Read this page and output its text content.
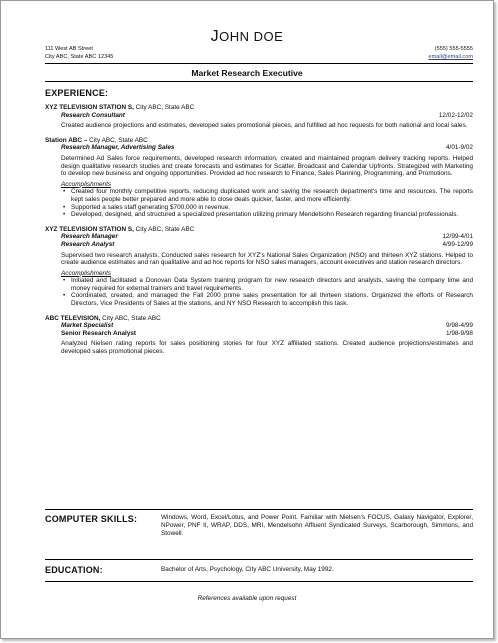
JOHN DOE
111 West AB Street
City ABC, State ABC 12345
(555) 555-5555
email@email.com
Market Research Executive
EXPERIENCE:
XYZ TELEVISION STATION S, City ABC, State ABC
Research Consultant	12/02-12/02
Created audience projections and estimates, developed sales promotional pieces, and fulfilled ad hoc requests for both national and local sales.
Station ABC – City ABC, State ABC
Research Manager, Advertising Sales	4/01-9/02
Determined Ad Sales force requirements, developed research information, created and maintained program delivery tracking reports. Helped design qualitative research studies and create forecasts and estimates for Scatter, Broadcast and Calendar Upfronts. Strategized with Marketing to develop new business and ongoing opportunities. Provided ad hoc research to Finance, Sales Planning, Programming, and Promotions.
Accomplishments
• Created four monthly competitive reports, reducing duplicated work and saving the research department's time and resources. The reports kept sales people better prepared and more able to close deals quicker, faster, and more efficiently.
• Supported a sales staff generating $700,000 in revenue.
• Developed, designed, and structured a specialized presentation utilizing primary Mendelsohn Research regarding financial professionals.
XYZ TELEVISION STATION S, City ABC, State ABC
Research Manager	12/99-4/01
Research Analyst	4/99-12/99
Supervised two research analysts. Conducted sales research for XYZ's National Sales Organization (NSO) and thirteen XYZ stations. Helped to create audience estimates and ran qualitative and ad hoc reports for NSO sales managers, account executives and station research directors.
Accomplishments
• Initiated and facilitated a Donovan Data System training program for new research directors and analysts, saving the company time and money required for external trainers and travel requirements.
• Coordinated, created, and managed the Fall 2000 prime sales presentation for all thirteen stations. Organized the efforts of Research Directors, Vice Presidents of Sales at the stations, and NY NSO Research to accomplish this task.
ABC TELEVISION, City ABC, State ABC
Market Specialist	9/98-4/99
Senior Research Analyst	1/98-9/98
Analyzed Nielsen rating reports for sales positioning stories for four XYZ affiliated stations. Created audience projections/estimates and developed sales promotional pieces.
COMPUTER SKILLS:	Windows, Word, Excel/Lotus, and Power Point. Familiar with Nielsen's FOCUS, Galaxy Navigator, Explorer, NPower, PNF II, WRAP, DDS, MRI, Mendelsohn Affluent Syndicated Surveys, Scarborough, Simmons, and Stowell.
EDUCATION:	Bachelor of Arts, Psychology, City ABC University, May 1992.
References available upon request
